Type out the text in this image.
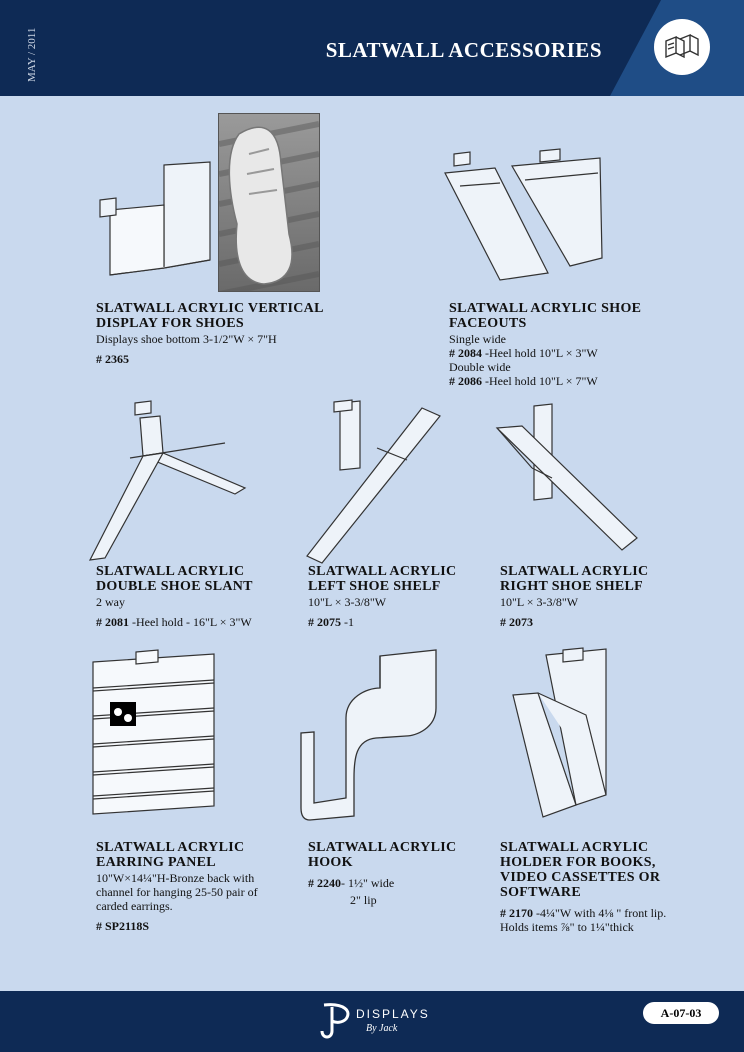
MAY / 2011	SLATWALL ACCESSORIES
SLATWALL ACRYLIC VERTICAL
DISPLAY FOR SHOES
Displays shoe bottom 3-1/2"W × 7"H
# 2365
SLATWALL ACRYLIC SHOE
FACEOUTS
Single wide
# 2084 -Heel hold 10"L × 3"W
Double wide
# 2086 -Heel hold 10"L × 7"W
SLATWALL ACRYLIC
DOUBLE SHOE SLANT
2 way
# 2081 -Heel hold - 16"L × 3"W
SLATWALL ACRYLIC
LEFT SHOE SHELF
10"L × 3-3/8"W
# 2075 -1
SLATWALL ACRYLIC
RIGHT SHOE SHELF
10"L × 3-3/8"W
# 2073
SLATWALL ACRYLIC
EARRING PANEL
10"W×14¼"H-Bronze back with
channel for hanging 25-50 pair of
carded earrings.
# SP2118S
SLATWALL ACRYLIC
HOOK
# 2240- 1½" wide
2" lip
SLATWALL ACRYLIC
HOLDER FOR BOOKS,
VIDEO CASSETTES OR
SOFTWARE
# 2170 -4¼"W with 4⅛ " front lip.
Holds items ⅞" to 1¼"thick
DISPLAYS
By Jack
A-07-03
